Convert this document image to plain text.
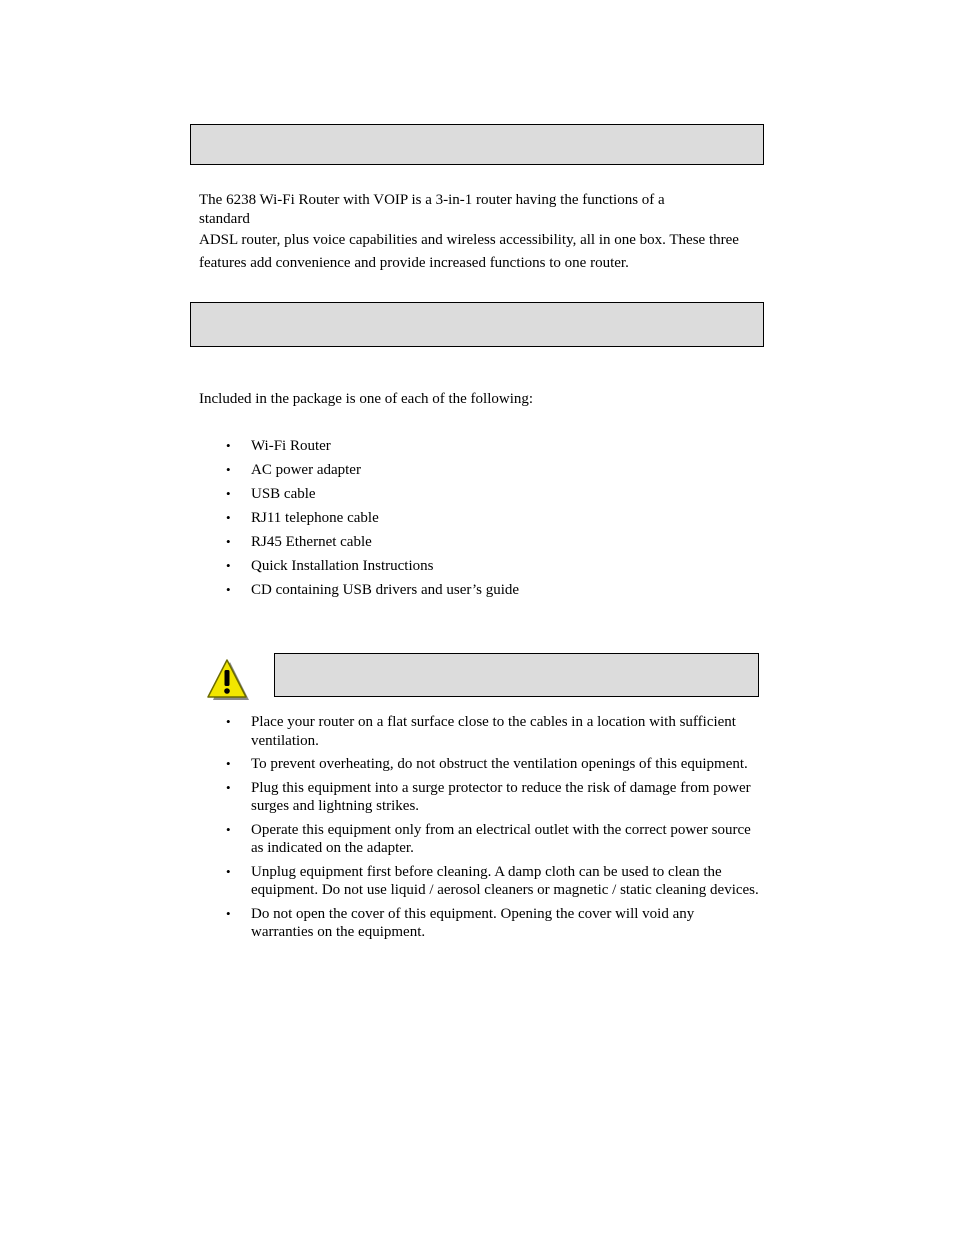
The 6238 Wi-Fi Router with VOIP is a 3-in-1 router having the functions of a standard
ADSL router, plus voice capabilities and wireless accessibility, all in one box. These three features add convenience and provide increased functions to one router.

Included in the package is one of each of the following:

• Wi-Fi Router
• AC power adapter
• USB cable
• RJ11 telephone cable
• RJ45 Ethernet cable
• Quick Installation Instructions
• CD containing USB drivers and user’s guide
• Place your router on a flat surface close to the cables in a location with sufficient ventilation.
• To prevent overheating, do not obstruct the ventilation openings of this equipment.
• Plug this equipment into a surge protector to reduce the risk of damage from power surges and lightning strikes.
• Operate this equipment only from an electrical outlet with the correct power source as indicated on the adapter.
• Unplug equipment first before cleaning. A damp cloth can be used to clean the equipment. Do not use liquid / aerosol cleaners or magnetic / static cleaning devices.
• Do not open the cover of this equipment. Opening the cover will void any warranties on the equipment.
